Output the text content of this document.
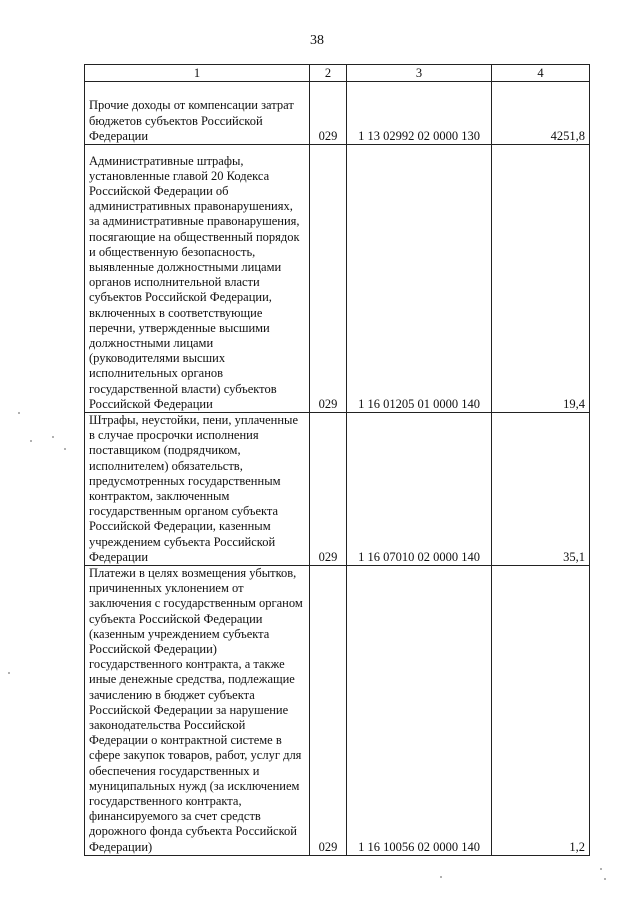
38
1	2	3	4
Прочие доходы от компенсации затрат бюджетов субъектов Российской Федерации	029	1 13 02992 02 0000 130	4251,8
Административные штрафы, установленные главой 20 Кодекса Российской Федерации об административных правонарушениях, за административные правонарушения, посягающие на общественный порядок и общественную безопасность, выявленные должностными лицами органов исполнительной власти субъектов Российской Федерации, включенных в соответствующие перечни, утвержденные высшими должностными лицами (руководителями высших исполнительных органов государственной власти) субъектов Российской Федерации	029	1 16 01205 01 0000 140	19,4
Штрафы, неустойки, пени, уплаченные в случае просрочки исполнения поставщиком (подрядчиком, исполнителем) обязательств, предусмотренных государственным контрактом, заключенным государственным органом субъекта Российской Федерации, казенным учреждением субъекта Российской Федерации	029	1 16 07010 02 0000 140	35,1
Платежи в целях возмещения убытков, причиненных уклонением от заключения с государственным органом субъекта Российской Федерации (казенным учреждением субъекта Российской Федерации) государственного контракта, а также иные денежные средства, подлежащие зачислению в бюджет субъекта Российской Федерации за нарушение законодательства Российской Федерации о контрактной системе в сфере закупок товаров, работ, услуг для обеспечения государственных и муниципальных нужд (за исключением государственного контракта, финансируемого за счет средств дорожного фонда субъекта Российской Федерации)	029	1 16 10056 02 0000 140	1,2
